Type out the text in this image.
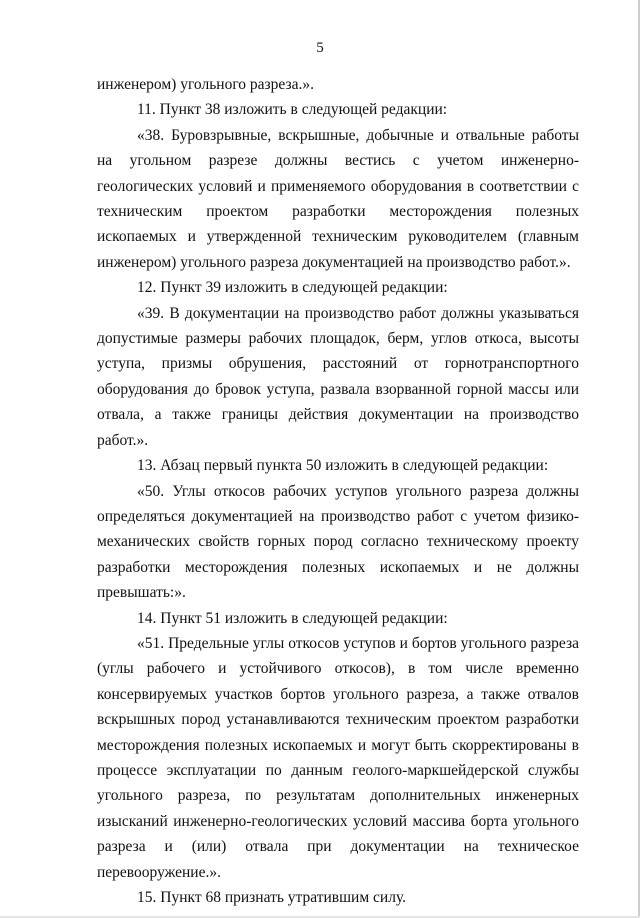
5

инженером) угольного разреза.».

11. Пункт 38 изложить в следующей редакции:

«38. Буровзрывные, вскрышные, добычные и отвальные работы на угольном разрезе должны вестись с учетом инженерно-геологических условий и применяемого оборудования в соответствии с техническим проектом разработки месторождения полезных ископаемых и утвержденной техническим руководителем (главным инженером) угольного разреза документацией на производство работ.».

12. Пункт 39 изложить в следующей редакции:

«39. В документации на производство работ должны указываться допустимые размеры рабочих площадок, берм, углов откоса, высоты уступа, призмы обрушения, расстояний от горнотранспортного оборудования до бровок уступа, развала взорванной горной массы или отвала, а также границы действия документации на производство работ.».

13. Абзац первый пункта 50 изложить в следующей редакции:

«50. Углы откосов рабочих уступов угольного разреза должны определяться документацией на производство работ с учетом физико-механических свойств горных пород согласно техническому проекту разработки месторождения полезных ископаемых и не должны превышать:».

14. Пункт 51 изложить в следующей редакции:

«51. Предельные углы откосов уступов и бортов угольного разреза (углы рабочего и устойчивого откосов), в том числе временно консервируемых участков бортов угольного разреза, а также отвалов вскрышных пород устанавливаются техническим проектом разработки месторождения полезных ископаемых и могут быть скорректированы в процессе эксплуатации по данным геолого-маркшейдерской службы угольного разреза, по результатам дополнительных инженерных изысканий инженерно-геологических условий массива борта угольного разреза и (или) отвала при документации на техническое перевооружение.».

15. Пункт 68 признать утратившим силу.
